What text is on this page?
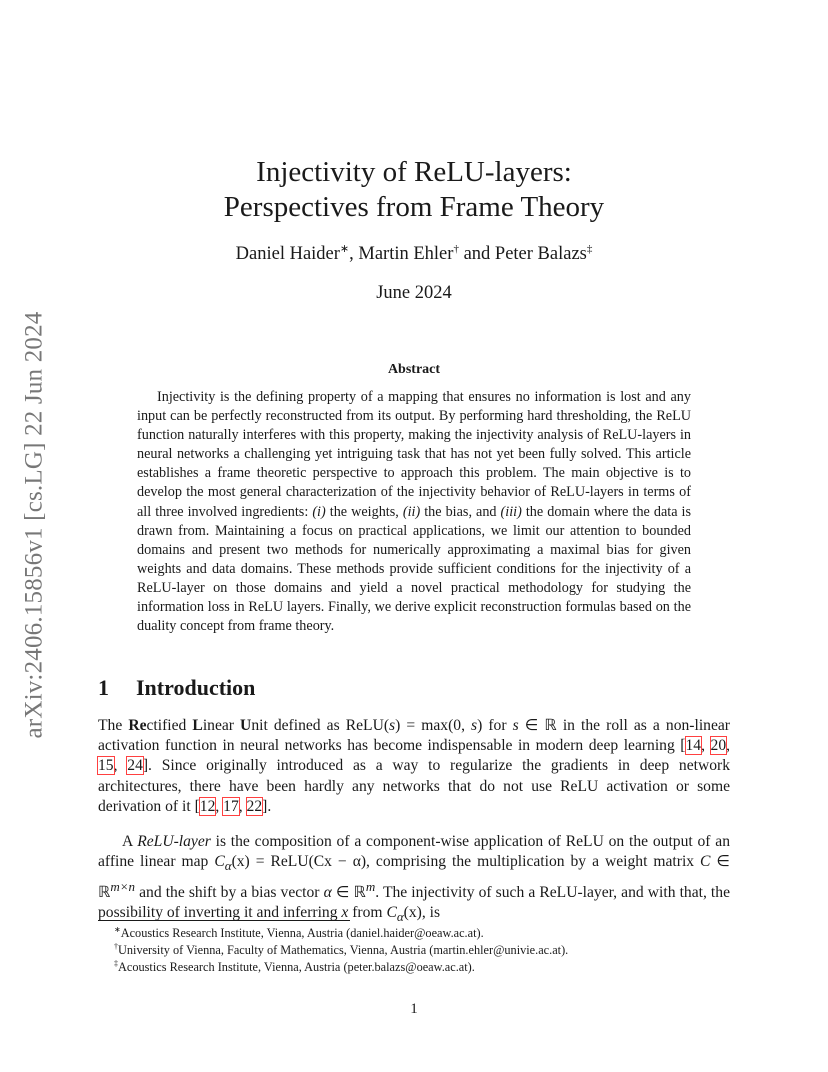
arXiv:2406.15856v1 [cs.LG] 22 Jun 2024
Injectivity of ReLU-layers:
Perspectives from Frame Theory
Daniel Haider∗, Martin Ehler† and Peter Balazs‡
June 2024
Abstract

Injectivity is the defining property of a mapping that ensures no information is lost and any input can be perfectly reconstructed from its output. By performing hard thresholding, the ReLU function naturally interferes with this property, making the injectivity analysis of ReLU-layers in neural networks a challenging yet intriguing task that has not yet been fully solved. This article establishes a frame theoretic perspective to approach this problem. The main objective is to develop the most general characterization of the injectivity behavior of ReLU-layers in terms of all three involved ingredients: (i) the weights, (ii) the bias, and (iii) the domain where the data is drawn from. Maintaining a focus on practical applications, we limit our attention to bounded domains and present two methods for numerically approximating a maximal bias for given weights and data domains. These methods provide sufficient conditions for the injectivity of a ReLU-layer on those domains and yield a novel practical methodology for studying the information loss in ReLU layers. Finally, we derive explicit reconstruction formulas based on the duality concept from frame theory.

1 Introduction

The Rectified Linear Unit defined as ReLU(s) = max(0, s) for s ∈ ℝ in the roll as a non-linear activation function in neural networks has become indispensable in modern deep learning [14, 20, 15, 24]. Since originally introduced as a way to regularize the gradients in deep network architectures, there have been hardly any networks that do not use ReLU activation or some derivation of it [12, 17, 22].

A ReLU-layer is the composition of a component-wise application of ReLU on the output of an affine linear map $C_\alpha(x)$ = ReLU(Cx − α), comprising the multiplication by a weight matrix C ∈ ℝ$^{m\times n}$ and the shift by a bias vector α ∈ ℝ$^m$. The injectivity of such a ReLU-layer, and with that, the possibility of inverting it and inferring x from $C_\alpha(x)$, is

∗Acoustics Research Institute, Vienna, Austria (daniel.haider@oeaw.ac.at).
†University of Vienna, Faculty of Mathematics, Vienna, Austria (martin.ehler@univie.ac.at).
‡Acoustics Research Institute, Vienna, Austria (peter.balazs@oeaw.ac.at).
1
